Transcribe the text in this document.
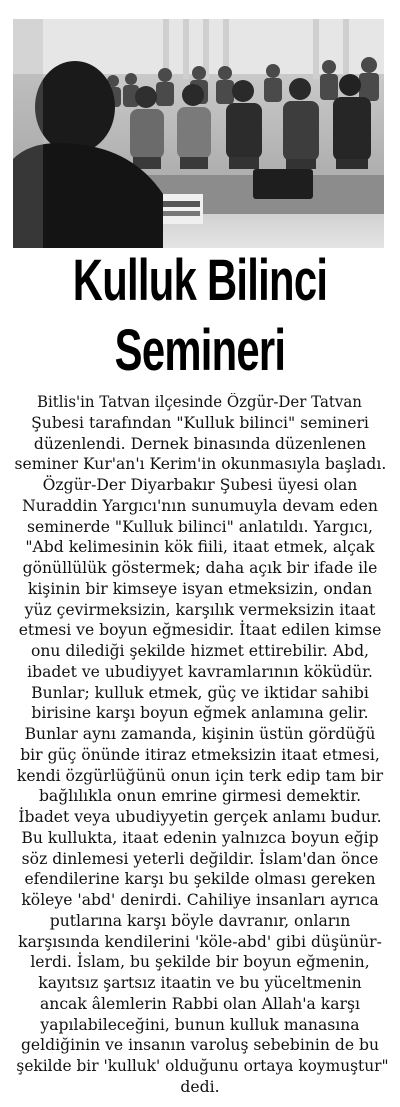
Kulluk Bilinci
Semineri
Bitlis'in Tatvan ilçesinde Özgür-Der Tatvan
Şubesi tarafından "Kulluk bilinci" semineri
düzenlendi. Dernek binasında düzenlenen
seminer Kur'an'ı Kerim'in okunmasıyla başladı.
Özgür-Der Diyarbakır Şubesi üyesi olan
Nuraddin Yargıcı'nın sunumuyla devam eden
seminerde "Kulluk bilinci" anlatıldı. Yargıcı,
"Abd kelimesinin kök fiili, itaat etmek, alçak
gönüllülük göstermek; daha açık bir ifade ile
kişinin bir kimseye isyan etmeksizin, ondan
yüz çevirmeksizin, karşılık vermeksizin itaat
etmesi ve boyun eğmesidir. İtaat edilen kimse
onu dilediği şekilde hizmet ettirebilir. Abd,
ibadet ve ubudiyyet kavramlarının köküdür.
Bunlar; kulluk etmek, güç ve iktidar sahibi
birisine karşı boyun eğmek anlamına gelir.
Bunlar aynı zamanda, kişinin üstün gördüğü
bir güç önünde itiraz etmeksizin itaat etmesi,
kendi özgürlüğünü onun için terk edip tam bir
bağlılıkla onun emrine girmesi demektir.
İbadet veya ubudiyyetin gerçek anlamı budur.
Bu kullukta, itaat edenin yalnızca boyun eğip
söz dinlemesi yeterli değildir. İslam'dan önce
efendilerine karşı bu şekilde olması gereken
köleye 'abd' denirdi. Cahiliye insanları ayrıca
putlarına karşı böyle davranır, onların
karşısında kendilerini 'köle-abd' gibi düşünür-
lerdi. İslam, bu şekilde bir boyun eğmenin,
kayıtsız şartsız itaatin ve bu yüceltmenin
ancak âlemlerin Rabbi olan Allah'a karşı
yapılabileceğini, bunun kulluk manasına
geldiğinin ve insanın varoluş sebebinin de bu
şekilde bir 'kulluk' olduğunu ortaya koymuştur"
dedi.
